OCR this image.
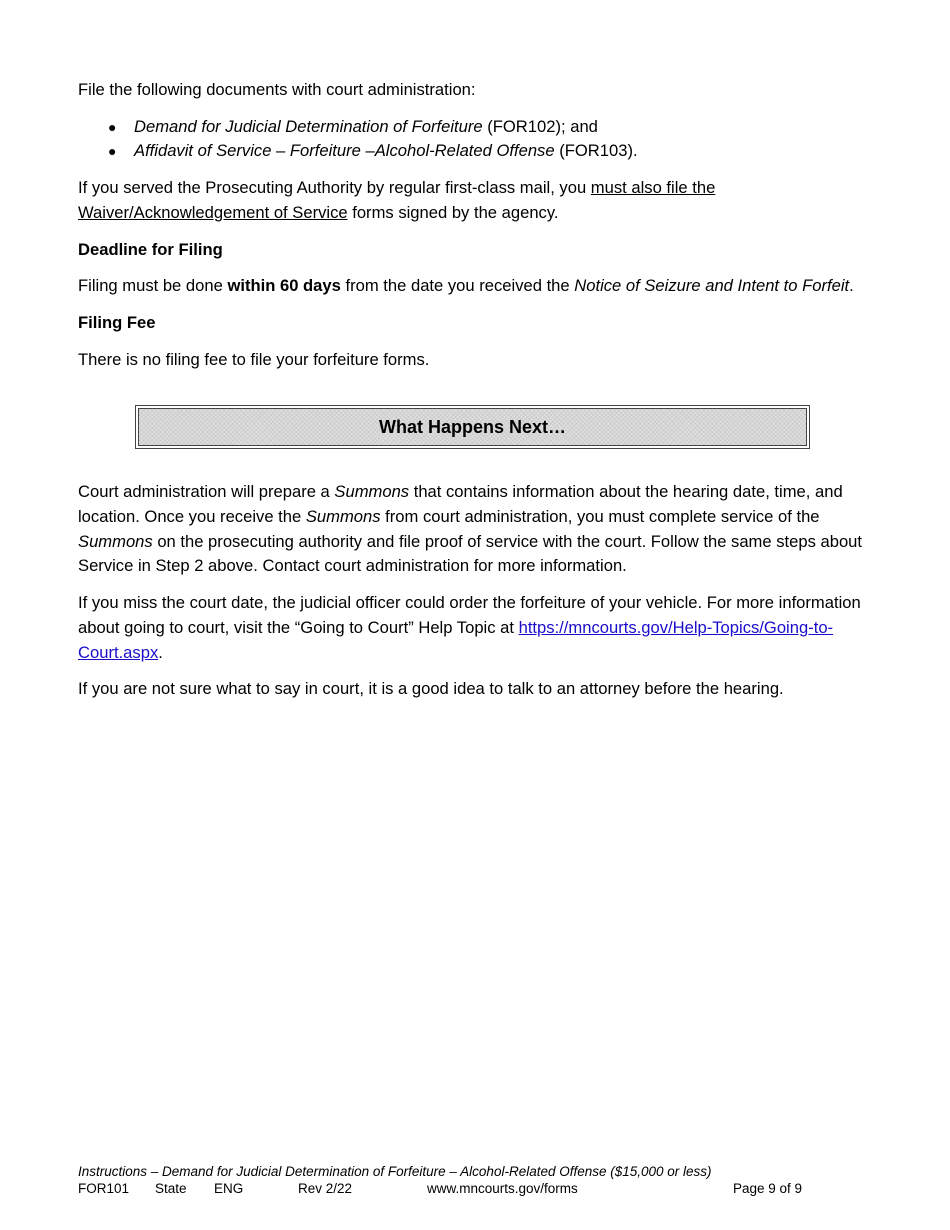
File the following documents with court administration:

● Demand for Judicial Determination of Forfeiture (FOR102); and
● Affidavit of Service – Forfeiture –Alcohol-Related Offense (FOR103).

If you served the Prosecuting Authority by regular first-class mail, you must also file the Waiver/Acknowledgement of Service forms signed by the agency.

Deadline for Filing

Filing must be done within 60 days from the date you received the Notice of Seizure and Intent to Forfeit.

Filing Fee

There is no filing fee to file your forfeiture forms.

What Happens Next…

Court administration will prepare a Summons that contains information about the hearing date, time, and location. Once you receive the Summons from court administration, you must complete service of the Summons on the prosecuting authority and file proof of service with the court. Follow the same steps about Service in Step 2 above. Contact court administration for more information.

If you miss the court date, the judicial officer could order the forfeiture of your vehicle. For more information about going to court, visit the “Going to Court” Help Topic at https://mncourts.gov/Help-Topics/Going-to-Court.aspx.

If you are not sure what to say in court, it is a good idea to talk to an attorney before the hearing.

Instructions – Demand for Judicial Determination of Forfeiture – Alcohol-Related Offense ($15,000 or less)
FOR101 State ENG	Rev 2/22	www.mncourts.gov/forms	Page 9 of 9
